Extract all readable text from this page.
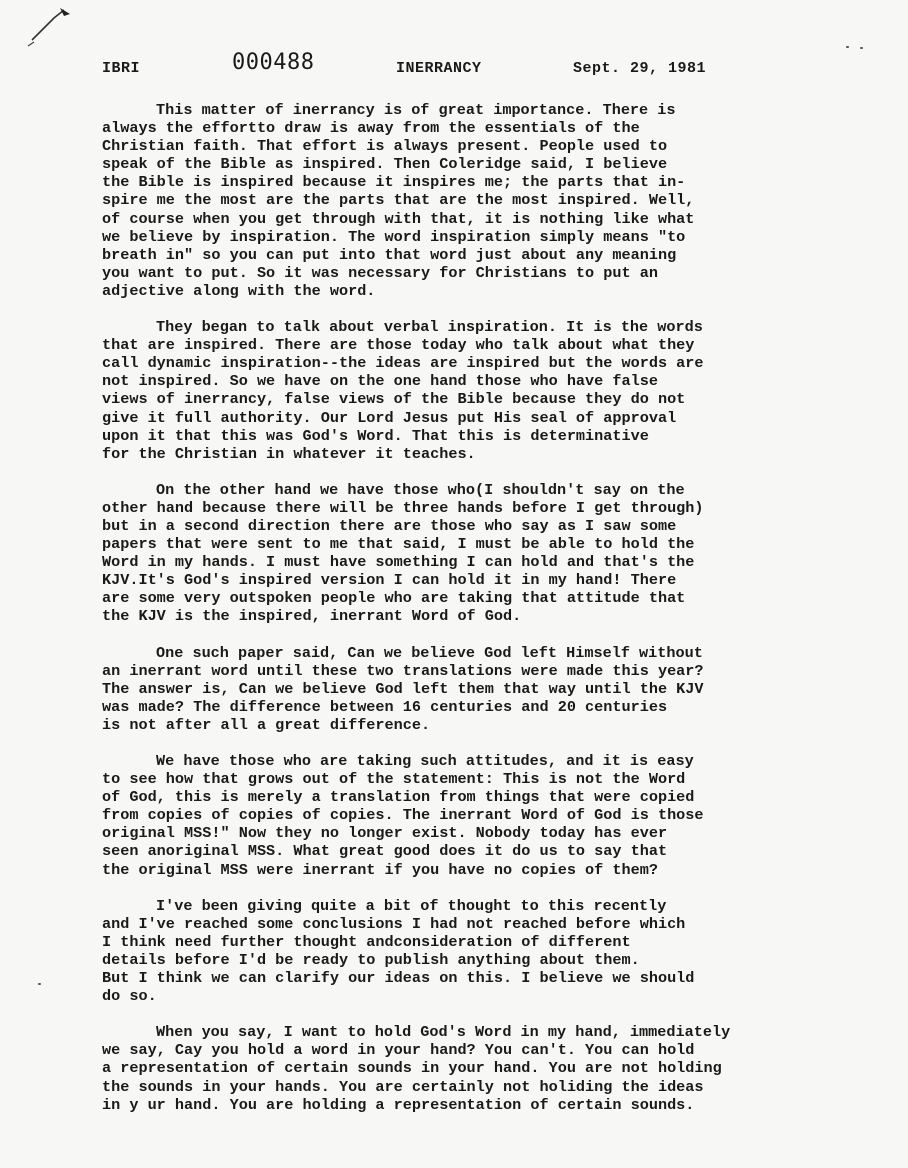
IBRI	000488	INERRANCY	Sept. 29, 1981
This matter of inerrancy is of great importance. There is
always the effortto draw is away from the essentials of the
Christian faith. That effort is always present. People used to
speak of the Bible as inspired. Then Coleridge said, I believe
the Bible is inspired because it inspires me; the parts that in-
spire me the most are the parts that are the most inspired. Well,
of course when you get through with that, it is nothing like what
we believe by inspiration. The word inspiration simply means "to
breath in" so you can put into that word just about any meaning
you want to put. So it was necessary for Christians to put an
adjective along with the word.
They began to talk about verbal inspiration. It is the words
that are inspired. There are those today who talk about what they
call dynamic inspiration--the ideas are inspired but the words are
not inspired. So we have on the one hand those who have false
views of inerrancy, false views of the Bible because they do not
give it full authority. Our Lord Jesus put His seal of approval
upon it that this was God's Word. That this is determinative
for the Christian in whatever it teaches.
On the other hand we have those who(I shouldn't say on the
other hand because there will be three hands before I get through)
but in a second direction there are those who say as I saw some
papers that were sent to me that said, I must be able to hold the
Word in my hands. I must have something I can hold and that's the
KJV.It's God's inspired version I can hold it in my hand! There
are some very outspoken people who are taking that attitude that
the KJV is the inspired, inerrant Word of God.
One such paper said, Can we believe God left Himself without
an inerrant word until these two translations were made this year?
The answer is, Can we believe God left them that way until the KJV
was made? The difference between 16 centuries and 20 centuries
is not after all a great difference.
We have those who are taking such attitudes, and it is easy
to see how that grows out of the statement: This is not the Word
of God, this is merely a translation from things that were copied
from copies of copies of copies. The inerrant Word of God is those
original MSS!" Now they no longer exist. Nobody today has ever
seen anoriginal MSS. What great good does it do us to say that
the original MSS were inerrant if you have no copies of them?
I've been giving quite a bit of thought to this recently
and I've reached some conclusions I had not reached before which
I think need further thought andconsideration of different
details before I'd be ready to publish anything about them.
But I think we can clarify our ideas on this. I believe we should
do so.
When you say, I want to hold God's Word in my hand, immediately
we say, Cay you hold a word in your hand? You can't. You can hold
a representation of certain sounds in your hand. You are not holding
the sounds in your hands. You are certainly not holiding the ideas
in y ur hand. You are holding a representation of certain sounds.
